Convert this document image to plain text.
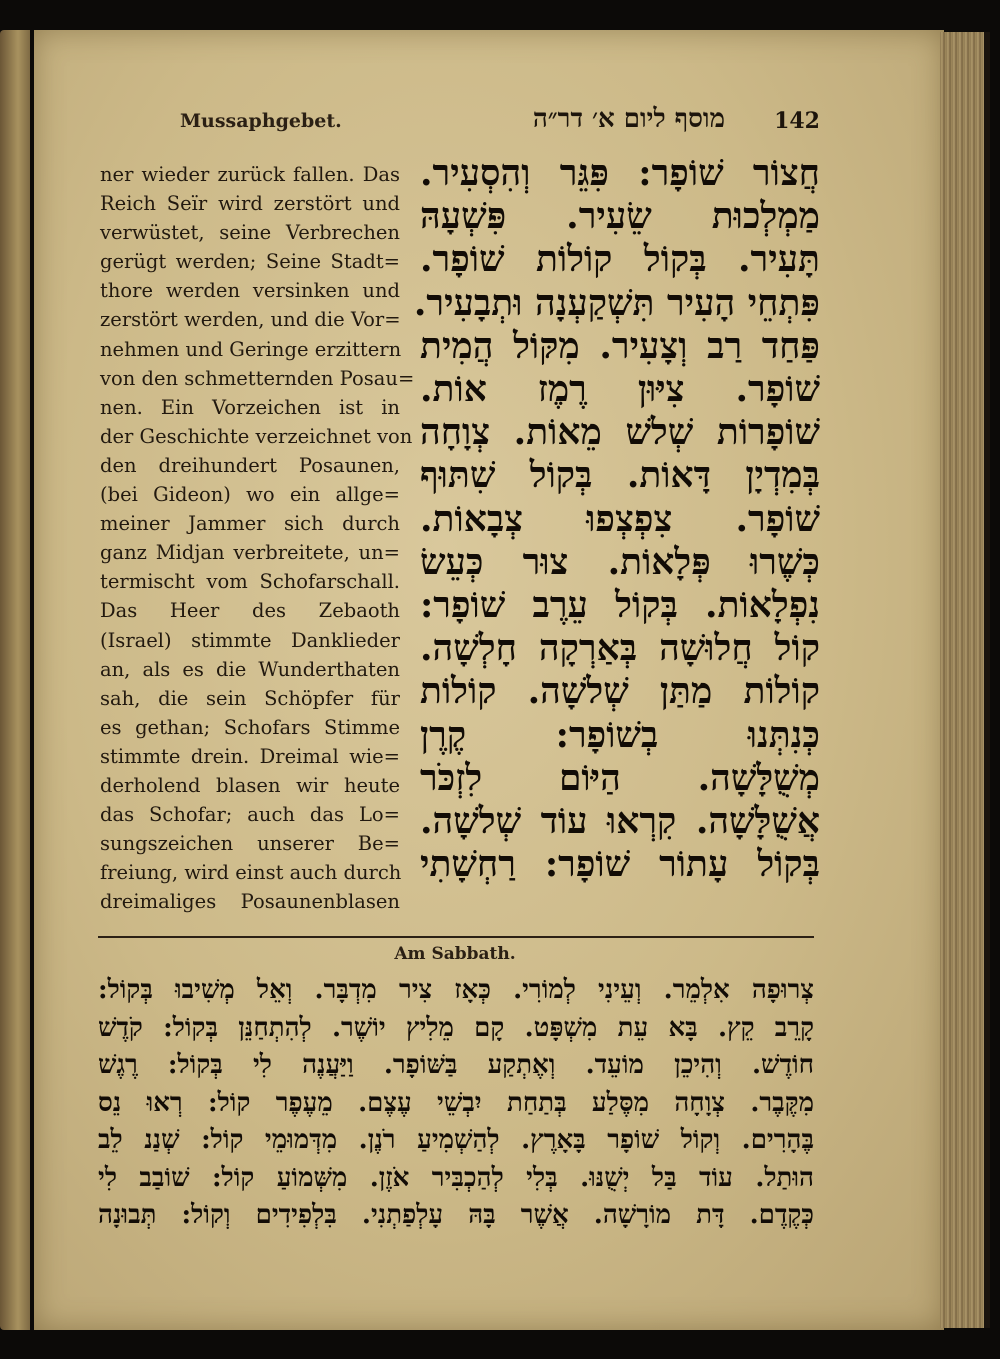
Mussaphgebet.	מוסף ליום א׳ דר״ה 142
ner wieder zurück fallen. Das
Reich Seïr wird zerstört und
verwüstet, seine Verbrechen
gerügt werden; Seine Stadt=
thore werden versinken und
zerstört werden, und die Vor=
nehmen und Geringe erzittern
von den schmetternden Posau=
nen. Ein Vorzeichen ist in
der Geschichte verzeichnet von
den dreihundert Posaunen,
(bei Gideon) wo ein allge=
meiner Jammer sich durch
ganz Midjan verbreitete, un=
termischt vom Schofarschall.
Das Heer des Zebaoth
(Israel) stimmte Danklieder
an, als es die Wunderthaten
sah, die sein Schöpfer für
es gethan; Schofars Stimme
stimmte drein. Dreimal wie=
derholend blasen wir heute
das Schofar; auch das Lo=
sungszeichen unserer Be=
freiung, wird einst auch durch
dreimaliges Posaunenblasen
חֲצוֹר שׁוֹפָר: פִּגֵּר וְהִסְעִיר.
מַמְלְכוּת שֵׂעִיר. פִּשְׁעָהּ
תָּעִיר. בְּקוֹל קוֹלוֹת שׁוֹפָר.
פִּתְחֵי הָעִיר תִּשְׁקַעְנָה וּתְבָעִיר.
פַּחַד רַב וְצָעִיר. מִקּוֹל הֲמִית
שׁוֹפָר. צִיּוּן רֶמֶז אוֹת.
שׁוֹפָרוֹת שְׁלשׁ מֵאוֹת. צְוָחָה
בְּמִדְיָן דָּאוֹת. בְּקוֹל שִׁתּוּף
שׁוֹפָר. צִפְצְפוּ צְבָאוֹת.
כְּשֶׁרוּ פְּלָאוֹת. צוּר כְּעֵשׂ
נִפְלָאוֹת. בְּקוֹל עֵרֶב שׁוֹפָר:
קוֹל חֲלוּשָׁה בְּאַרְקָה חָלְשָׁה.
קוֹלוֹת מַתַּן שְׁלשָׁה. קוֹלוֹת
כְּנִתְּנוּ בְשׁוֹפָר: קֶרֶן
מְשֻׁלָּשָׁה. הַיּוֹם לִזְכֹּר
אֲשֻׁלָּשָׁה. קִרְאוּ עוֹד שְׁלשָׁה.
בְּקוֹל עָתוֹר שׁוֹפָר: רַחְשָׁתִי
Am Sabbath.
צְרוּפָה אִלְמֵר. וְעֵינִי לְמוֹרִי. כְּאָז צִיר מִדְבָּר. וְאֵל מְשִׁיבוּ בְּקוֹל:
קָרֵב קֵץ. בָּא עֵת מִשְׁפָּט. קָם מֵלִיץ יוֹשֶׁר. לְהִתְחַנֵּן בְּקוֹל: קֹדֶשׁ
חוֹדֶשׁ. וְהִיכֵן מוֹעֵד. וְאֶתְקַע בַּשּׁוֹפָר. וַיַּעֲנֶה לִי בְּקוֹל: רֶגֶשׁ
מִקֶּבֶר. צְוָחָה מִסֶּלַע בְּתַחַת יִבְשֵׁי עֶצֶם. מֵעֶפֶר קוֹל: רְאוּ נֵס
בֶּהָרִים. וְקוֹל שׁוֹפָר בָּאָרֶץ. לְהַשְׁמִיעַ רֹנֶן. מִדְּמוּמֵי קוֹל: שְׁנַנ לֵב
הוּתַל. עוֹד בַּל יְשֻׁנּוּ. בְּלִי לְהַכְבִּיר אֹזֶן. מִשְּׁמוֹעַ קוֹל: שׁוֹבַב לִי
כְּקֶדֶם. דָּת מוֹרָשָׁה. אֲשֶׁר בָּהּ עָלְפַתְנִי. בִּלְפִידִים וְקוֹל: תְּבוּנָה
